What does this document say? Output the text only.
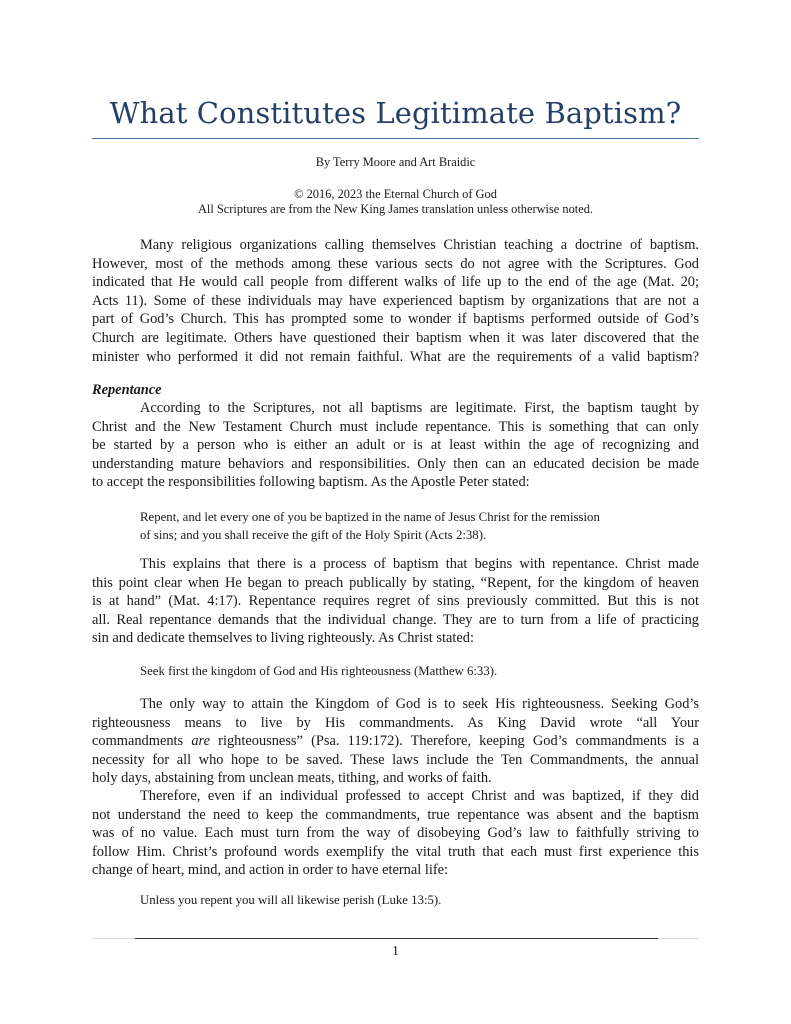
What Constitutes Legitimate Baptism?
By Terry Moore and Art Braidic
© 2016, 2023 the Eternal Church of God
All Scriptures are from the New King James translation unless otherwise noted.
Many religious organizations calling themselves Christian teaching a doctrine of baptism.
However, most of the methods among these various sects do not agree with the Scriptures. God
indicated that He would call people from different walks of life up to the end of the age (Mat. 20;
Acts 11). Some of these individuals may have experienced baptism by organizations that are not a
part of God’s Church. This has prompted some to wonder if baptisms performed outside of God’s
Church are legitimate. Others have questioned their baptism when it was later discovered that the
minister who performed it did not remain faithful. What are the requirements of a valid baptism?
Repentance
According to the Scriptures, not all baptisms are legitimate. First, the baptism taught by
Christ and the New Testament Church must include repentance. This is something that can only
be started by a person who is either an adult or is at least within the age of recognizing and
understanding mature behaviors and responsibilities. Only then can an educated decision be made
to accept the responsibilities following baptism. As the Apostle Peter stated:
Repent, and let every one of you be baptized in the name of Jesus Christ for the remission
of sins; and you shall receive the gift of the Holy Spirit (Acts 2:38).
This explains that there is a process of baptism that begins with repentance. Christ made
this point clear when He began to preach publically by stating, “Repent, for the kingdom of heaven
is at hand” (Mat. 4:17). Repentance requires regret of sins previously committed. But this is not
all. Real repentance demands that the individual change. They are to turn from a life of practicing
sin and dedicate themselves to living righteously. As Christ stated:
Seek first the kingdom of God and His righteousness (Matthew 6:33).
The only way to attain the Kingdom of God is to seek His righteousness. Seeking God’s
righteousness means to live by His commandments. As King David wrote “all Your
commandments are righteousness” (Psa. 119:172). Therefore, keeping God’s commandments is a
necessity for all who hope to be saved. These laws include the Ten Commandments, the annual
holy days, abstaining from unclean meats, tithing, and works of faith.
Therefore, even if an individual professed to accept Christ and was baptized, if they did
not understand the need to keep the commandments, true repentance was absent and the baptism
was of no value. Each must turn from the way of disobeying God’s law to faithfully striving to
follow Him. Christ’s profound words exemplify the vital truth that each must first experience this
change of heart, mind, and action in order to have eternal life:
Unless you repent you will all likewise perish (Luke 13:5).
1
